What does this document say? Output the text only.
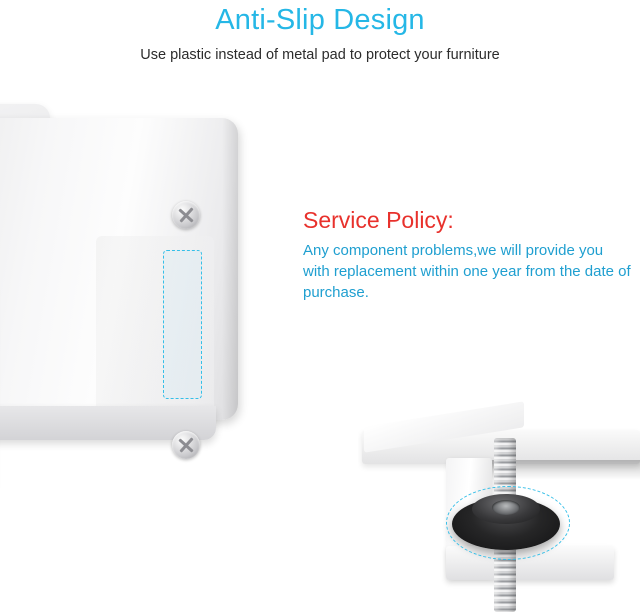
Anti-Slip Design

Use plastic instead of metal pad to protect your furniture

Service Policy:

Any component problems,we will provide you with replacement within one year from the date of purchase.
